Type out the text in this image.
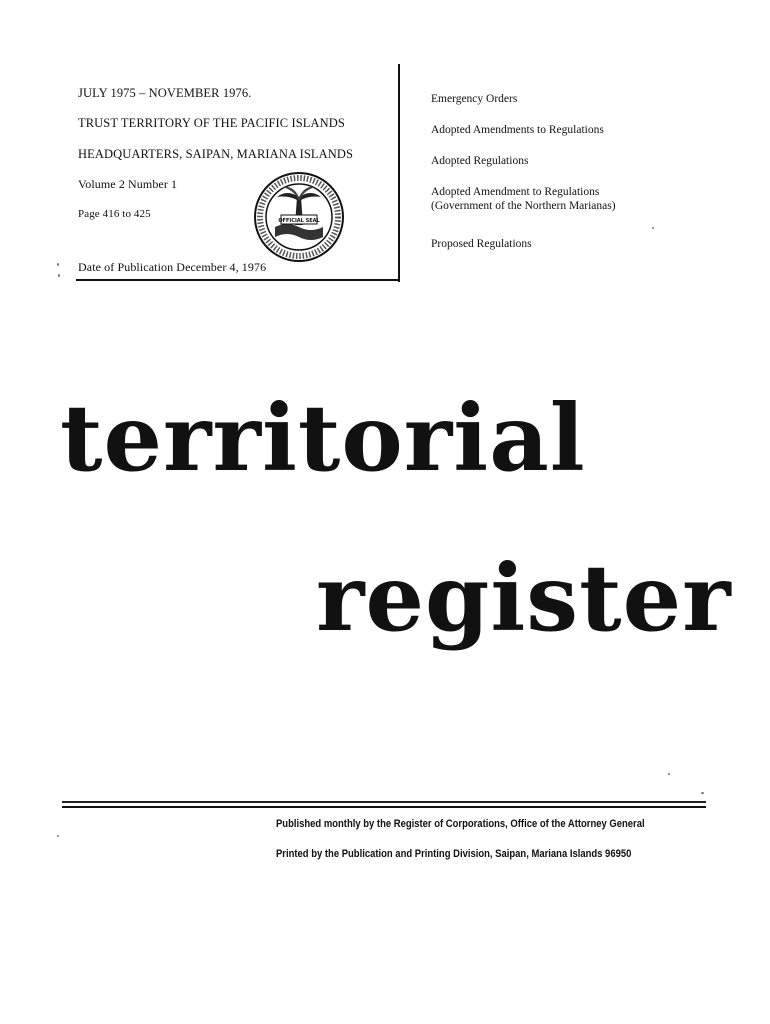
JULY 1975 – NOVEMBER 1976.
TRUST TERRITORY OF THE PACIFIC ISLANDS
HEADQUARTERS, SAIPAN, MARIANA ISLANDS
Volume 2 Number 1
Page 416 to 425
Date of Publication December 4, 1976
OFFICIAL SEAL
Emergency Orders
Adopted Amendments to Regulations
Adopted Regulations
Adopted Amendment to Regulations
(Government of the Northern Marianas)
Proposed Regulations
territorial
register
Published monthly by the Register of Corporations, Office of the Attorney General
Printed by the Publication and Printing Division, Saipan, Mariana Islands 96950
